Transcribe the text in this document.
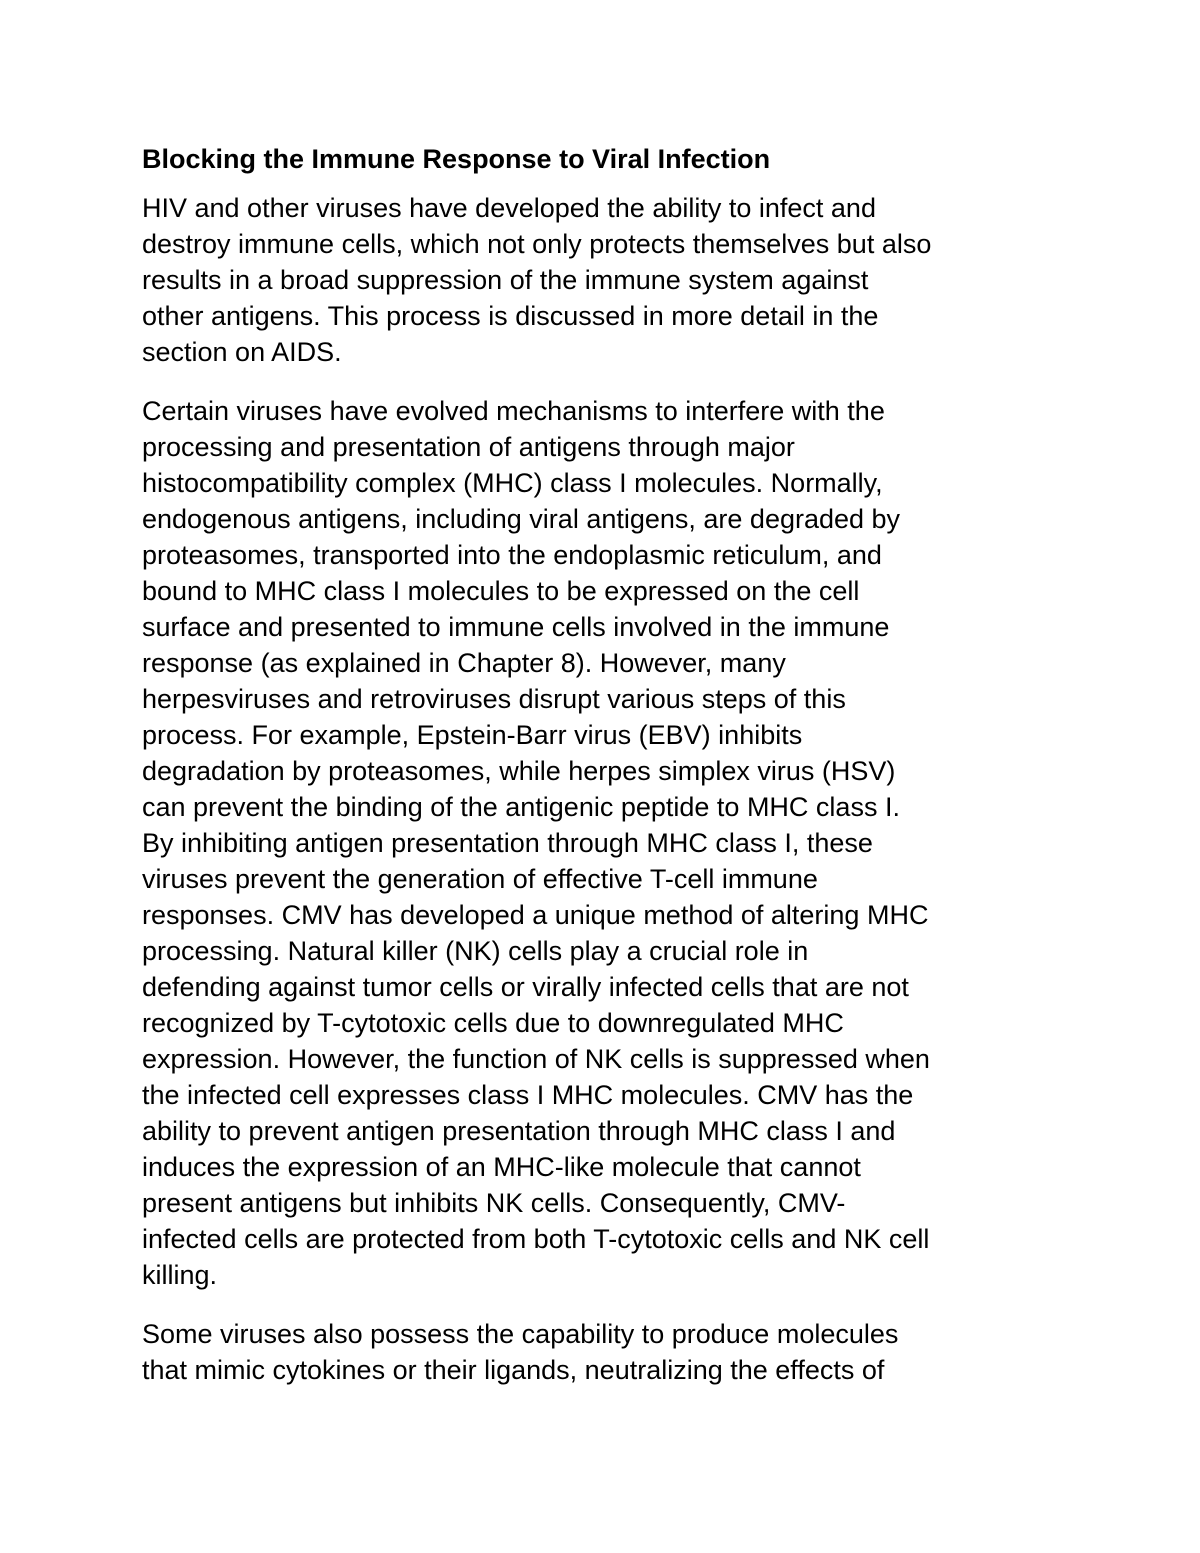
Blocking the Immune Response to Viral Infection
HIV and other viruses have developed the ability to infect and
destroy immune cells, which not only protects themselves but also
results in a broad suppression of the immune system against
other antigens. This process is discussed in more detail in the
section on AIDS.
Certain viruses have evolved mechanisms to interfere with the
processing and presentation of antigens through major
histocompatibility complex (MHC) class I molecules. Normally,
endogenous antigens, including viral antigens, are degraded by
proteasomes, transported into the endoplasmic reticulum, and
bound to MHC class I molecules to be expressed on the cell
surface and presented to immune cells involved in the immune
response (as explained in Chapter 8). However, many
herpesviruses and retroviruses disrupt various steps of this
process. For example, Epstein-Barr virus (EBV) inhibits
degradation by proteasomes, while herpes simplex virus (HSV)
can prevent the binding of the antigenic peptide to MHC class I.
By inhibiting antigen presentation through MHC class I, these
viruses prevent the generation of effective T-cell immune
responses. CMV has developed a unique method of altering MHC
processing. Natural killer (NK) cells play a crucial role in
defending against tumor cells or virally infected cells that are not
recognized by T-cytotoxic cells due to downregulated MHC
expression. However, the function of NK cells is suppressed when
the infected cell expresses class I MHC molecules. CMV has the
ability to prevent antigen presentation through MHC class I and
induces the expression of an MHC-like molecule that cannot
present antigens but inhibits NK cells. Consequently, CMV-
infected cells are protected from both T-cytotoxic cells and NK cell
killing.
Some viruses also possess the capability to produce molecules
that mimic cytokines or their ligands, neutralizing the effects of
